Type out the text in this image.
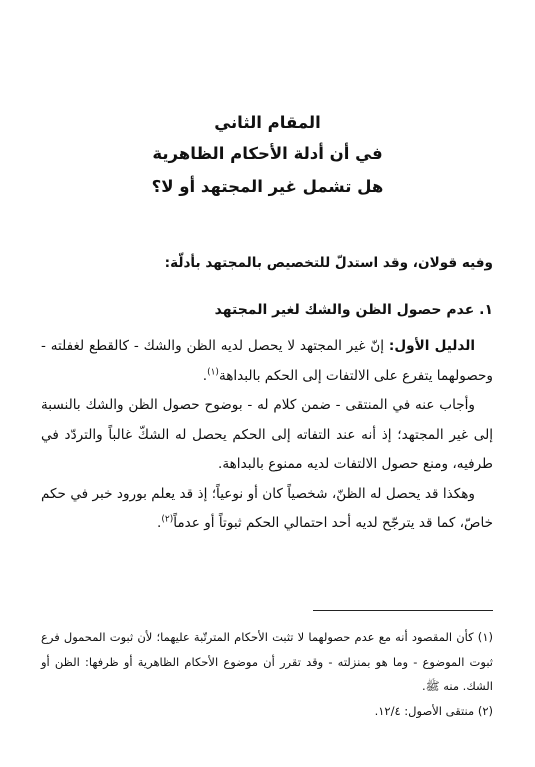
المقام الثاني

في أن أدلة الأحكام الظاهرية

هل تشمل غير المجتهد أو لا؟

وفيه قولان، وقد استدلّ للتخصيص بالمجتهد بأدلّة:
١. عدم حصول الظن والشك لغير المجتهد

الدليل الأول: إنّ غير المجتهد لا يحصل لديه الظن والشك - كالقطع لغفلته - وحصولهما يتفرع على الالتفات إلى الحكم بالبداهة$^{(١)}$.

وأجاب عنه في المنتقى - ضمن كلام له - بوضوح حصول الظن والشك بالنسبة إلى غير المجتهد؛ إذ أنه عند التفاته إلى الحكم يحصل له الشكّ غالباً والتردّد في طرفيه، ومنع حصول الالتفات لديه ممنوع بالبداهة.

وهكذا قد يحصل له الظنّ، شخصياً كان أو نوعياً؛ إذ قد يعلم بورود خبر في حكم خاصّ، كما قد يترجّح لديه أحد احتمالي الحكم ثبوتاً أو عدماً$^{(٢)}$.

(١) كأن المقصود أنه مع عدم حصولهما لا تثبت الأحكام المترتّبة عليهما؛ لأن ثبوت المحمول فرع ثبوت الموضوع - وما هو بمنزلته - وقد تقرر أن موضوع الأحكام الظاهرية أو ظرفها: الظن أو الشك. منه ﷺ.

(٢) منتقى الأصول: ١٢/٤.
